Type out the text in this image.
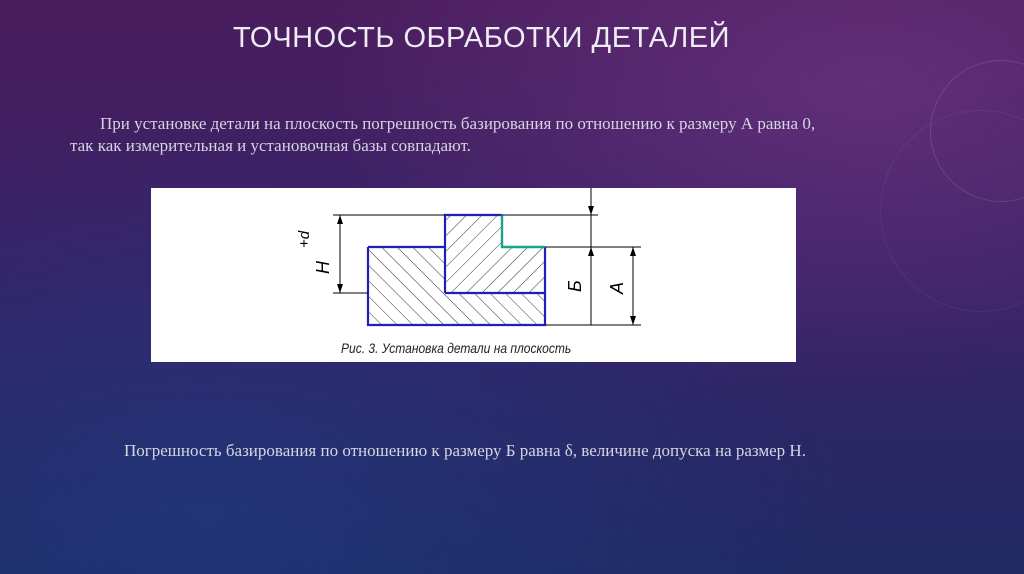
ТОЧНОСТЬ ОБРАБОТКИ ДЕТАЛЕЙ
При установке детали на плоскость погрешность базирования по отношению к размеру А равна 0,
так как измерительная и установочная базы совпадают.
H
+d
Б А
Рис. 3. Установка детали на плоскость
Погрешность базирования по отношению к размеру Б равна δ, величине допуска на размер Н.
